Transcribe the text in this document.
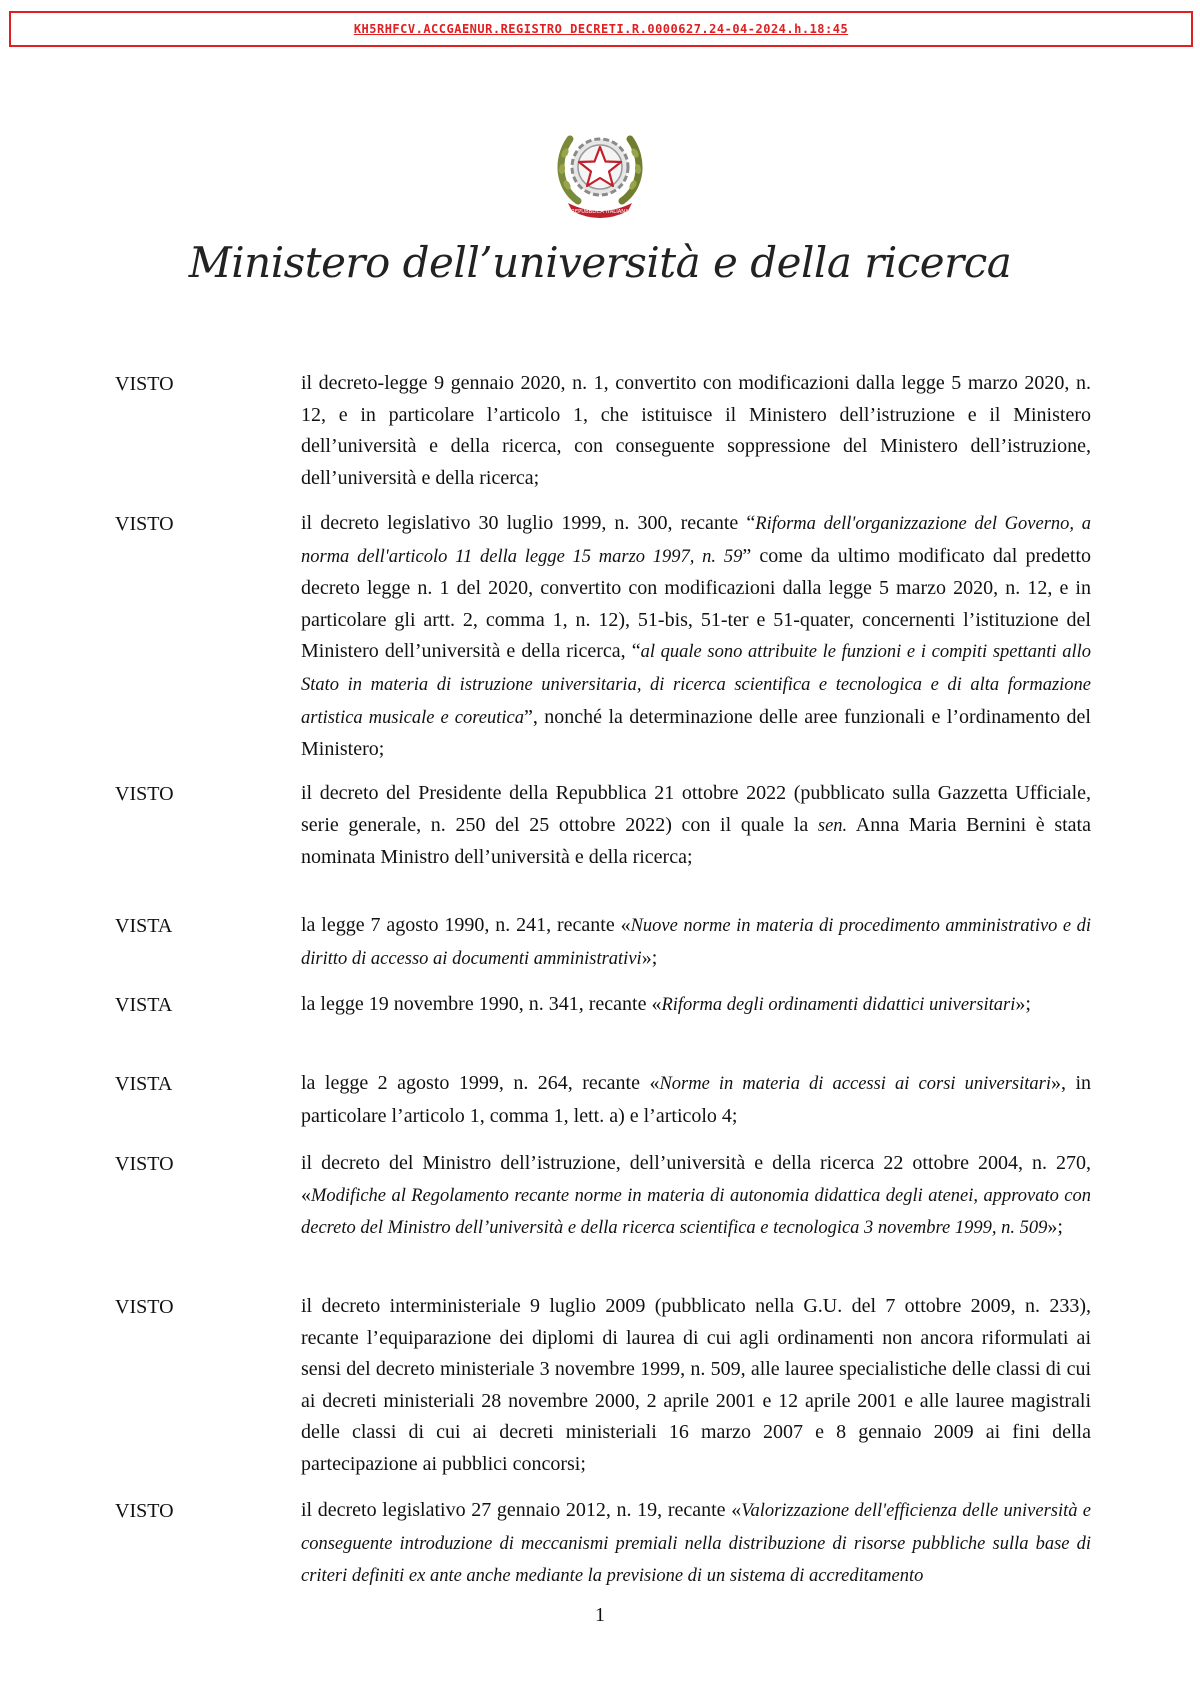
KH5RHFCV.ACCGAENUR.REGISTRO DECRETI.R.0000627.24-04-2024.h.18:45
REPUBBLICA ITALIANA
Ministero dell’università e della ricerca
VISTO	il decreto-legge 9 gennaio 2020, n. 1, convertito con modificazioni dalla legge 5 marzo 2020, n. 12, e in particolare l’articolo 1, che istituisce il Ministero dell’istruzione e il Ministero dell’università e della ricerca, con conseguente soppressione del Ministero dell’istruzione, dell’università e della ricerca;
VISTO	il decreto legislativo 30 luglio 1999, n. 300, recante “Riforma dell'organizzazione del Governo, a norma dell'articolo 11 della legge 15 marzo 1997, n. 59” come da ultimo modificato dal predetto decreto legge n. 1 del 2020, convertito con modificazioni dalla legge 5 marzo 2020, n. 12, e in particolare gli artt. 2, comma 1, n. 12), 51-bis, 51-ter e 51-quater, concernenti l’istituzione del Ministero dell’università e della ricerca, “al quale sono attribuite le funzioni e i compiti spettanti allo Stato in materia di istruzione universitaria, di ricerca scientifica e tecnologica e di alta formazione artistica musicale e coreutica”, nonché la determinazione delle aree funzionali e l’ordinamento del Ministero;
VISTO	il decreto del Presidente della Repubblica 21 ottobre 2022 (pubblicato sulla Gazzetta Ufficiale, serie generale, n. 250 del 25 ottobre 2022) con il quale la sen. Anna Maria Bernini è stata nominata Ministro dell’università e della ricerca;
VISTA	la legge 7 agosto 1990, n. 241, recante «Nuove norme in materia di procedimento amministrativo e di diritto di accesso ai documenti amministrativi»;
VISTA	la legge 19 novembre 1990, n. 341, recante «Riforma degli ordinamenti didattici universitari»;
VISTA	la legge 2 agosto 1999, n. 264, recante «Norme in materia di accessi ai corsi universitari», in particolare l’articolo 1, comma 1, lett. a) e l’articolo 4;
VISTO	il decreto del Ministro dell’istruzione, dell’università e della ricerca 22 ottobre 2004, n. 270, «Modifiche al Regolamento recante norme in materia di autonomia didattica degli atenei, approvato con decreto del Ministro dell’università e della ricerca scientifica e tecnologica 3 novembre 1999, n. 509»;
VISTO	il decreto interministeriale 9 luglio 2009 (pubblicato nella G.U. del 7 ottobre 2009, n. 233), recante l’equiparazione dei diplomi di laurea di cui agli ordinamenti non ancora riformulati ai sensi del decreto ministeriale 3 novembre 1999, n. 509, alle lauree specialistiche delle classi di cui ai decreti ministeriali 28 novembre 2000, 2 aprile 2001 e 12 aprile 2001 e alle lauree magistrali delle classi di cui ai decreti ministeriali 16 marzo 2007 e 8 gennaio 2009 ai fini della partecipazione ai pubblici concorsi;
VISTO	il decreto legislativo 27 gennaio 2012, n. 19, recante «Valorizzazione dell'efficienza delle università e conseguente introduzione di meccanismi premiali nella distribuzione di risorse pubbliche sulla base di criteri definiti ex ante anche mediante la previsione di un sistema di accreditamento
1
